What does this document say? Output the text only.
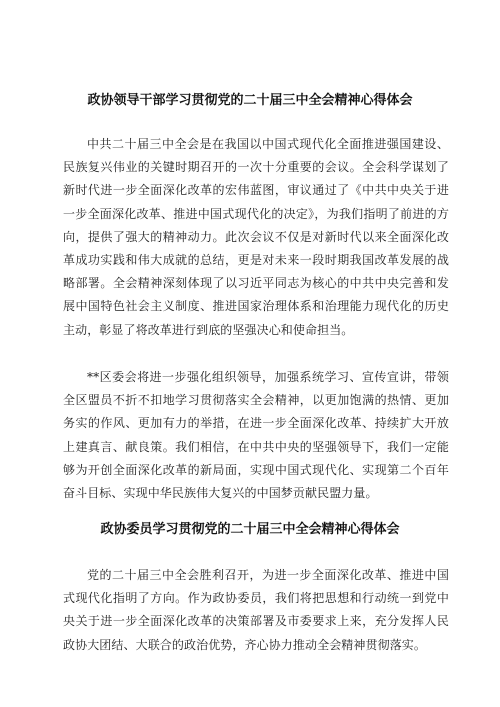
政协领导干部学习贯彻党的二十届三中全会精神心得体会

中共二十届三中全会是在我国以中国式现代化全面推进强国建设、民族复兴伟业的关键时期召开的一次十分重要的会议。全会科学谋划了新时代进一步全面深化改革的宏伟蓝图，审议通过了《中共中央关于进一步全面深化改革、推进中国式现代化的决定》，为我们指明了前进的方向，提供了强大的精神动力。此次会议不仅是对新时代以来全面深化改革成功实践和伟大成就的总结，更是对未来一段时期我国改革发展的战略部署。全会精神深刻体现了以习近平同志为核心的中共中央完善和发展中国特色社会主义制度、推进国家治理体系和治理能力现代化的历史主动，彰显了将改革进行到底的坚强决心和使命担当。

**区委会将进一步强化组织领导，加强系统学习、宣传宣讲，带领全区盟员不折不扣地学习贯彻落实全会精神，以更加饱满的热情、更加务实的作风、更加有力的举措，在进一步全面深化改革、持续扩大开放上建真言、献良策。我们相信，在中共中央的坚强领导下，我们一定能够为开创全面深化改革的新局面，实现中国式现代化、实现第二个百年奋斗目标、实现中华民族伟大复兴的中国梦贡献民盟力量。

政协委员学习贯彻党的二十届三中全会精神心得体会

党的二十届三中全会胜利召开，为进一步全面深化改革、推进中国式现代化指明了方向。作为政协委员，我们将把思想和行动统一到党中央关于进一步全面深化改革的决策部署及市委要求上来，充分发挥人民政协大团结、大联合的政治优势，齐心协力推动全会精神贯彻落实。
